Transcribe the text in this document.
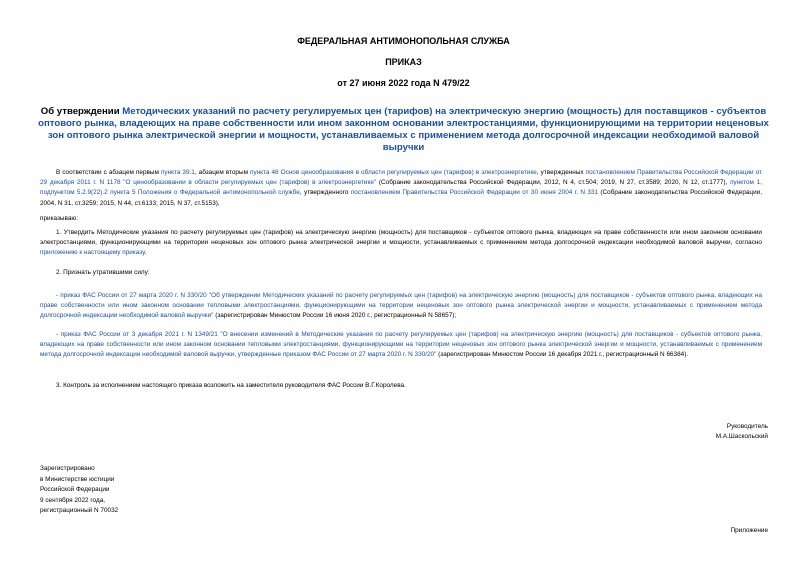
ФЕДЕРАЛЬНАЯ АНТИМОНОПОЛЬНАЯ СЛУЖБА
ПРИКАЗ
от 27 июня 2022 года N 479/22
Об утверждении Методических указаний по расчету регулируемых цен (тарифов) на электрическую энергию (мощность) для поставщиков - субъектов оптового рынка, владеющих на праве собственности или ином законном основании электростанциями, функционирующими на территории неценовых зон оптового рынка электрической энергии и мощности, устанавливаемых с применением метода долгосрочной индексации необходимой валовой выручки
В соответствии с абзацем первым пункта 39.1, абзацем вторым пункта 48 Основ ценообразования в области регулируемых цен (тарифов) в электроэнергетике, утвержденных постановлением Правительства Российской Федерации от 29 декабря 2011 г. N 1178 "О ценообразовании в области регулируемых цен (тарифов) в электроэнергетике" (Собрание законодательства Российской Федерации, 2012, N 4, ст.504; 2019, N 27, ст.3589; 2020, N 12, ст.1777), пунктом 1, подпунктом 5.2.9(22).2 пункта 5 Положения о Федеральной антимонопольной службе, утвержденного постановлением Правительства Российской Федерации от 30 июня 2004 г. N 331 (Собрание законодательства Российской Федерации, 2004, N 31, ст.3259; 2015, N 44, ст.6133; 2015, N 37, ст.5153),
приказываю:
1. Утвердить Методические указания по расчету регулируемых цен (тарифов) на электрическую энергию (мощность) для поставщиков - субъектов оптового рынка, владеющих на праве собственности или ином законном основании электростанциями, функционирующими на территории неценовых зон оптового рынка электрической энергии и мощности, устанавливаемых с применением метода долгосрочной индексации необходимой валовой выручки, согласно приложению к настоящему приказу.
2. Признать утратившими силу:
- приказ ФАС России от 27 марта 2020 г. N 330/20 "Об утверждении Методических указаний по расчету регулируемых цен (тарифов) на электрическую энергию (мощность) для поставщиков - субъектов оптового рынка, владеющих на праве собственности или ином законном основании тепловыми электростанциями, функционирующими на территории неценовых зон оптового рынка электрической энергии и мощности, устанавливаемых с применением метода долгосрочной индексации необходимой валовой выручки" (зарегистрирован Минюстом России 16 июня 2020 г., регистрационный N 58657);
- приказ ФАС России от 3 декабря 2021 г. N 1349/21 "О внесении изменений в Методические указания по расчету регулируемых цен (тарифов) на электрическую энергию (мощность) для поставщиков - субъектов оптового рынка, владеющих на праве собственности или ином законном основании тепловыми электростанциями, функционирующими на территории неценовых зон оптового рынка электрической энергии и мощности, устанавливаемых с применением метода долгосрочной индексации необходимой валовой выручки, утвержденные приказом ФАС России от 27 марта 2020 г. N 330/20" (зарегистрирован Минюстом России 16 декабря 2021 г., регистрационный N 66384).
3. Контроль за исполнением настоящего приказа возложить на заместителя руководителя ФАС России В.Г.Королева.
Руководитель
М.А.Шаскольский
Зарегистрировано
в Министерстве юстиции
Российской Федерации
9 сентября 2022 года,
регистрационный N 70032
Приложение
